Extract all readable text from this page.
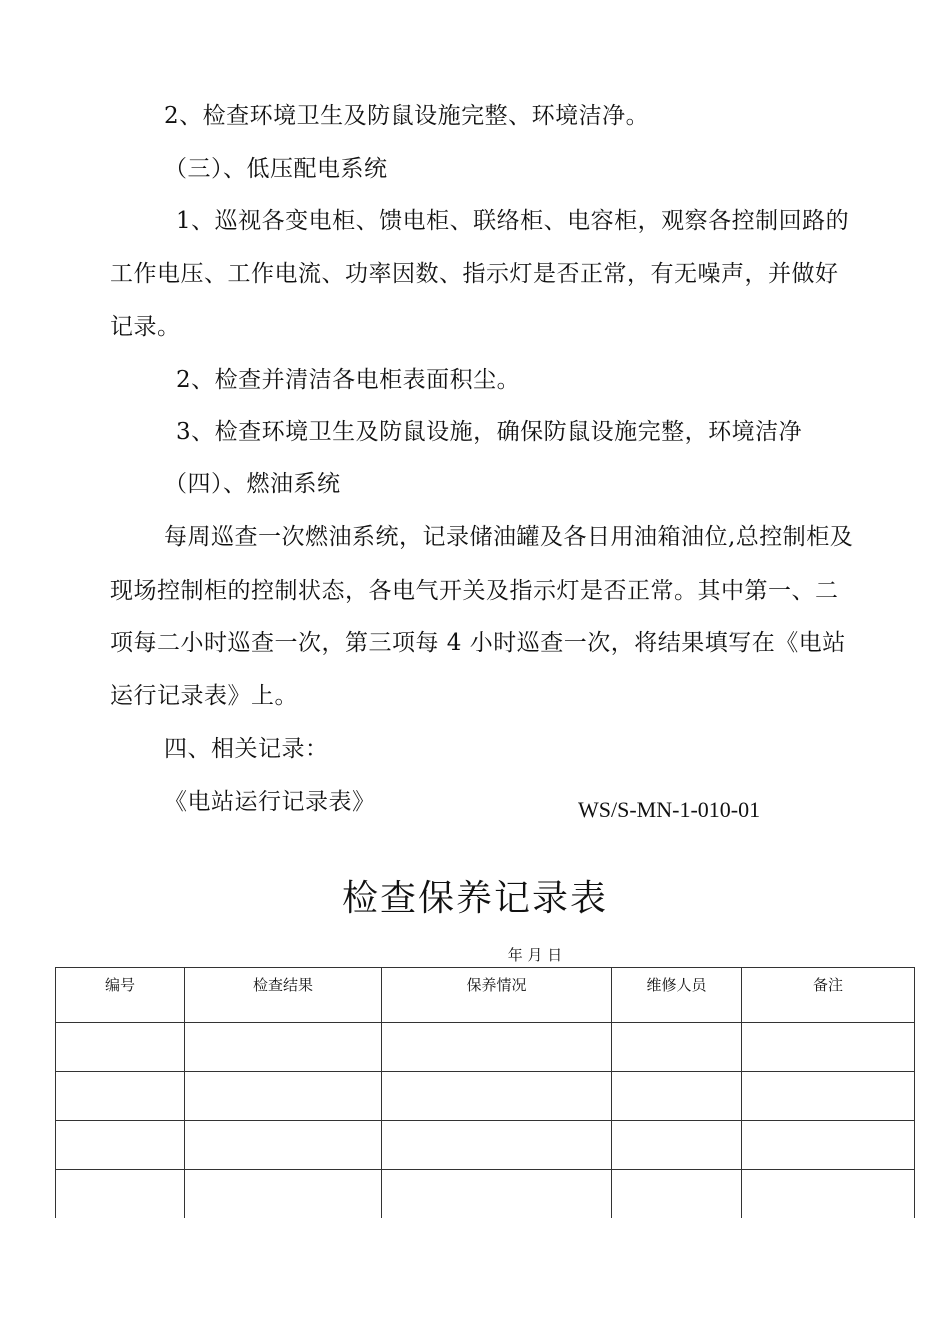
2、检查环境卫生及防鼠设施完整、环境洁净。
（三）、低压配电系统
1、巡视各变电柜、馈电柜、联络柜、电容柜，观察各控制回路的
工作电压、工作电流、功率因数、指示灯是否正常，有无噪声，并做好
记录。
2、检查并清洁各电柜表面积尘。
3、检查环境卫生及防鼠设施，确保防鼠设施完整，环境洁净
（四）、燃油系统
每周巡查一次燃油系统，记录储油罐及各日用油箱油位,总控制柜及
现场控制柜的控制状态，各电气开关及指示灯是否正常。其中第一、二
项每二小时巡查一次，第三项每 4 小时巡查一次，将结果填写在《电站
运行记录表》上。
四、相关记录：
《电站运行记录表》	WS/S-MN-1-010-01
检查保养记录表
年 月 日
编号	检查结果	保养情况	维修人员	备注
